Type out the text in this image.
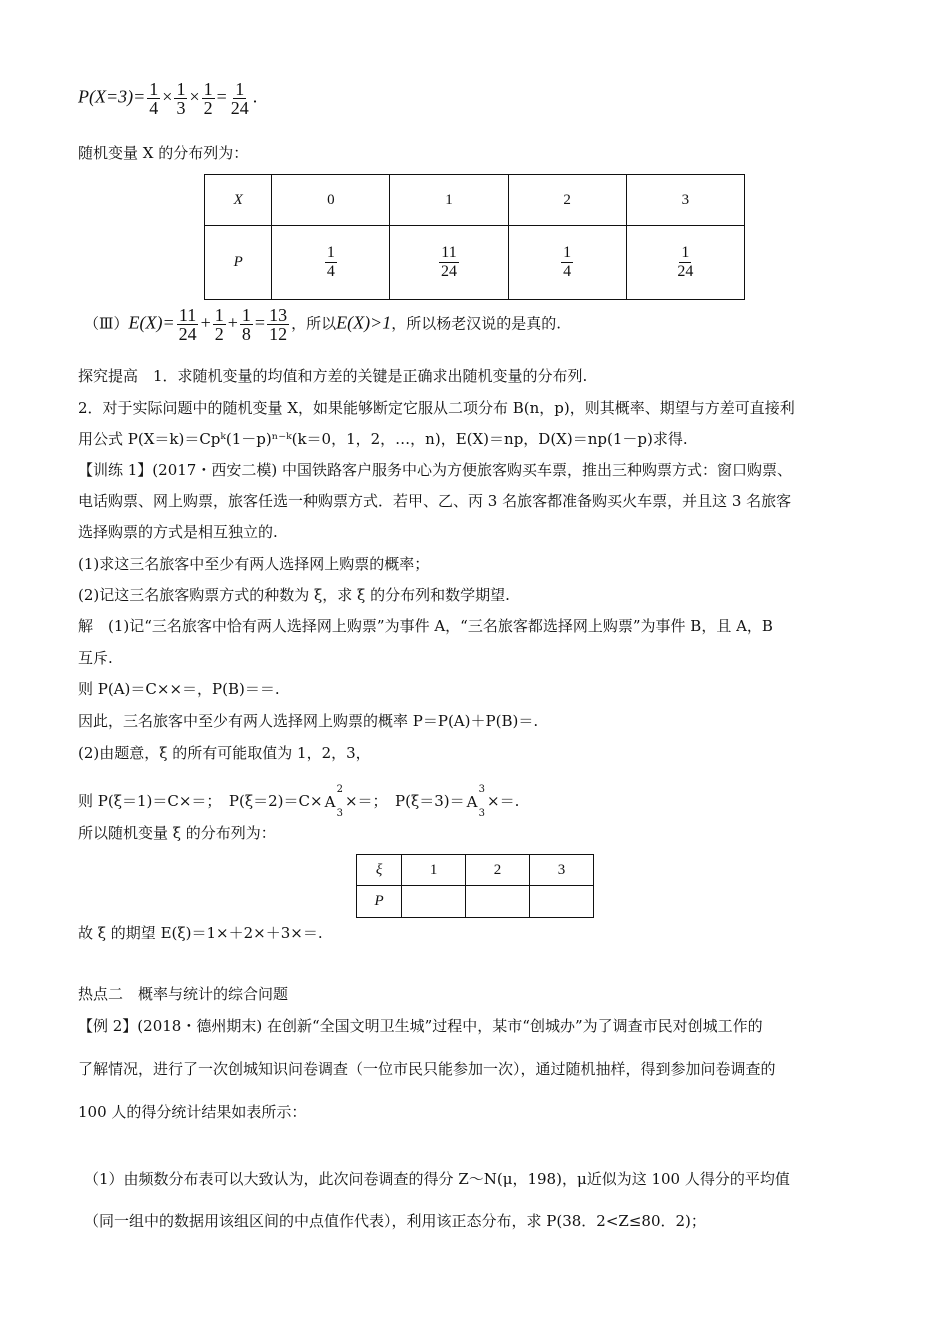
$P(X=3)= \frac{1}{4} \times \frac{1}{3} \times \frac{1}{2} = \frac{1}{24}$ .
随机变量 X 的分布列为：
X	0	1	2	3
P	$\frac{1}{4}$	$\frac{11}{24}$	$\frac{1}{4}$	$\frac{1}{24}$
（Ⅲ）E(X)= $\frac{11}{24} + \frac{1}{2} + \frac{1}{8} = \frac{13}{12}$ ，所以E(X)>1，所以杨老汉说的是真的.
探究提高　1．求随机变量的均值和方差的关键是正确求出随机变量的分布列.
2．对于实际问题中的随机变量 X，如果能够断定它服从二项分布 B(n，p)，则其概率、期望与方差可直接利
用公式 P(X＝k)＝Cpᵏ(1－p)ⁿ⁻ᵏ(k＝0，1，2，…，n)，E(X)＝np，D(X)＝np(1－p)求得.
【训练 1】(2017・西安二模) 中国铁路客户服务中心为方便旅客购买车票，推出三种购票方式：窗口购票、
电话购票、网上购票，旅客任选一种购票方式．若甲、乙、丙 3 名旅客都准备购买火车票，并且这 3 名旅客
选择购票的方式是相互独立的.
(1)求这三名旅客中至少有两人选择网上购票的概率；
(2)记这三名旅客购票方式的种数为 ξ，求 ξ 的分布列和数学期望.
解　(1)记“三名旅客中恰有两人选择网上购票”为事件 A，“三名旅客都选择网上购票”为事件 B，且 A，B
互斥.
则 P(A)＝C××＝，P(B)＝＝.
因此，三名旅客中至少有两人选择网上购票的概率 P＝P(A)＋P(B)＝.
(2)由题意，ξ 的所有可能取值为 1，2，3，
则 P(ξ＝1)＝C×＝；　P(ξ＝2)＝C×
2
A
3
×＝；　P(ξ＝3)＝
3
A
3
×＝.
所以随机变量 ξ 的分布列为：
ξ	1	2	3
P			
故 ξ 的期望 E(ξ)＝1×＋2×＋3×＝.
热点二　概率与统计的综合问题
【例 2】(2018・德州期末) 在创新“全国文明卫生城”过程中，某市“创城办”为了调查市民对创城工作的
了解情况，进行了一次创城知识问卷调查（一位市民只能参加一次），通过随机抽样，得到参加问卷调查的
100 人的得分统计结果如表所示：
（1）由频数分布表可以大致认为，此次问卷调查的得分 Z～N(μ，198)，μ近似为这 100 人得分的平均值
（同一组中的数据用该组区间的中点值作代表），利用该正态分布，求 P(38．2<Z≤80．2)；
